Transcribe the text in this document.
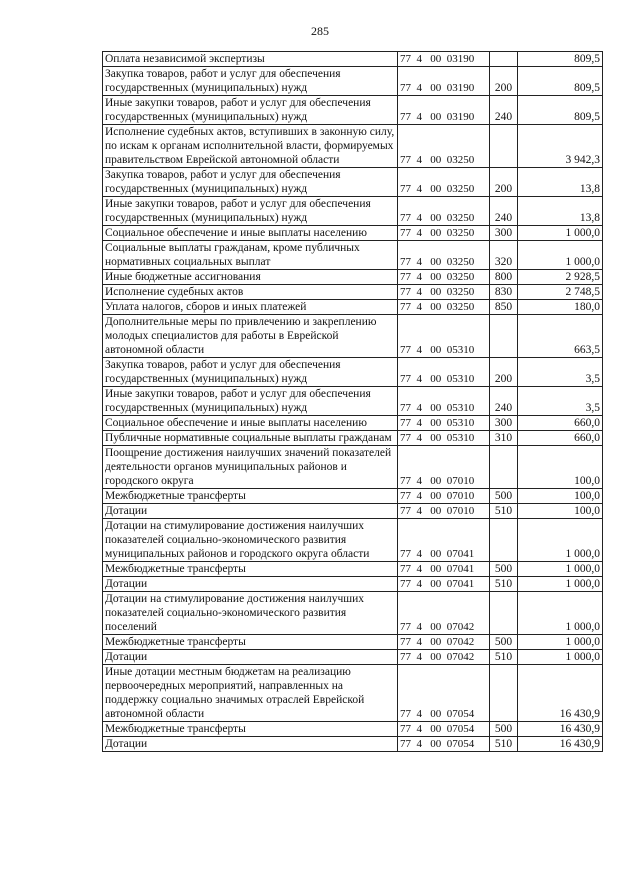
285
Оплата независимой экспертизы	77  4   00  03190		809,5
Закупка товаров, работ и услуг для обеспечения государственных (муниципальных) нужд	77  4   00  03190	200	809,5
Иные закупки товаров, работ и услуг для обеспечения государственных (муниципальных) нужд	77  4   00  03190	240	809,5
Исполнение судебных актов, вступивших в законную силу, по искам к органам исполнительной власти, формируемых правительством Еврейской автономной области	77  4   00  03250		3 942,3
Закупка товаров, работ и услуг для обеспечения государственных (муниципальных) нужд	77  4   00  03250	200	13,8
Иные закупки товаров, работ и услуг для обеспечения государственных (муниципальных) нужд	77  4   00  03250	240	13,8
Социальное обеспечение и иные выплаты населению	77  4   00  03250	300	1 000,0
Социальные выплаты гражданам, кроме публичных нормативных социальных выплат	77  4   00  03250	320	1 000,0
Иные бюджетные ассигнования	77  4   00  03250	800	2 928,5
Исполнение судебных актов	77  4   00  03250	830	2 748,5
Уплата налогов, сборов и иных платежей	77  4   00  03250	850	180,0
Дополнительные меры по привлечению и закреплению молодых специалистов для работы в Еврейской автономной области	77  4   00  05310		663,5
Закупка товаров, работ и услуг для обеспечения государственных (муниципальных) нужд	77  4   00  05310	200	3,5
Иные закупки товаров, работ и услуг для обеспечения государственных (муниципальных) нужд	77  4   00  05310	240	3,5
Социальное обеспечение и иные выплаты населению	77  4   00  05310	300	660,0
Публичные нормативные социальные выплаты гражданам	77  4   00  05310	310	660,0
Поощрение достижения наилучших значений показателей деятельности органов муниципальных районов и городского округа	77  4   00  07010		100,0
Межбюджетные трансферты	77  4   00  07010	500	100,0
Дотации	77  4   00  07010	510	100,0
Дотации на стимулирование достижения наилучших показателей социально-экономического развития муниципальных районов и городского округа области	77  4   00  07041		1 000,0
Межбюджетные трансферты	77  4   00  07041	500	1 000,0
Дотации	77  4   00  07041	510	1 000,0
Дотации на стимулирование достижения наилучших показателей социально-экономического развития поселений	77  4   00  07042		1 000,0
Межбюджетные трансферты	77  4   00  07042	500	1 000,0
Дотации	77  4   00  07042	510	1 000,0
Иные дотации местным бюджетам на реализацию первоочередных мероприятий, направленных на поддержку социально значимых отраслей Еврейской автономной области	77  4   00  07054		16 430,9
Межбюджетные трансферты	77  4   00  07054	500	16 430,9
Дотации	77  4   00  07054	510	16 430,9
